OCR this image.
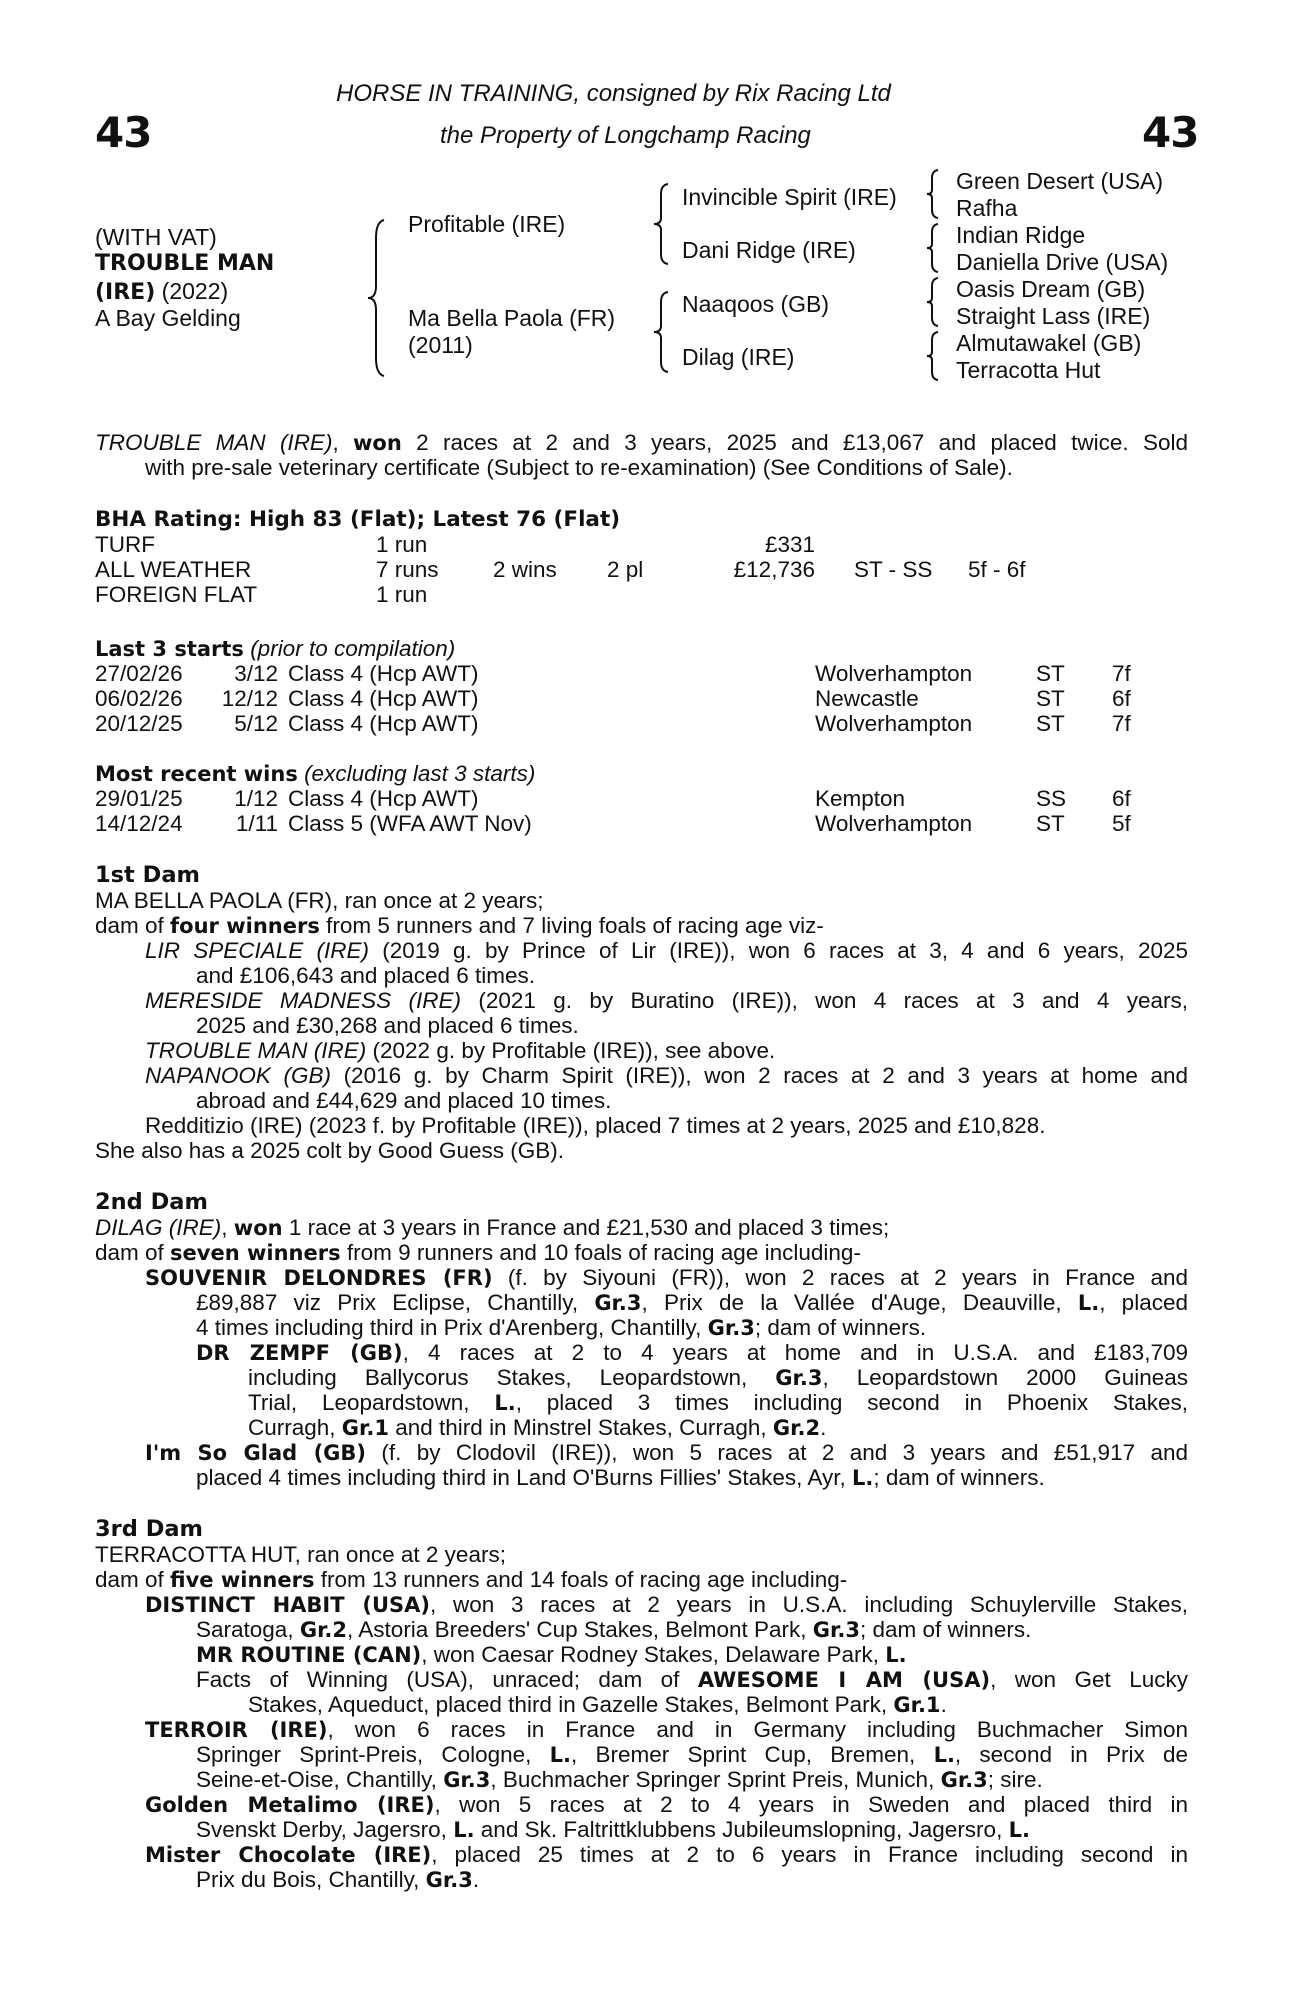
HORSE IN TRAINING, consigned by Rix Racing Ltd
the Property of Longchamp Racing
43	43
(WITH VAT)
TROUBLE MAN
(IRE) (2022)
A Bay Gelding
Profitable (IRE)
Ma Bella Paola (FR)
(2011)
Invincible Spirit (IRE)
Dani Ridge (IRE)
Naaqoos (GB)
Dilag (IRE)
Green Desert (USA)
Rafha
Indian Ridge
Daniella Drive (USA)
Oasis Dream (GB)
Straight Lass (IRE)
Almutawakel (GB)
Terracotta Hut
TROUBLE MAN (IRE), won 2 races at 2 and 3 years, 2025 and £13,067 and placed twice. Sold
with pre-sale veterinary certificate (Subject to re-examination) (See Conditions of Sale).
BHA Rating: High 83 (Flat); Latest 76 (Flat)
TURF	1 run	£331
ALL WEATHER	7 runs 2 wins 2 pl	£12,736 ST - SS 5f - 6f
FOREIGN FLAT	1 run
Last 3 starts (prior to compilation)
27/02/26 3/12 Class 4 (Hcp AWT)	Wolverhampton	ST 7f
06/02/26 12/12 Class 4 (Hcp AWT)	Newcastle	ST 6f
20/12/25 5/12 Class 4 (Hcp AWT)	Wolverhampton	ST 7f
Most recent wins (excluding last 3 starts)
29/01/25 1/12 Class 4 (Hcp AWT)	Kempton	SS 6f
14/12/24 1/11 Class 5 (WFA AWT Nov)	Wolverhampton	ST 5f
1st Dam
MA BELLA PAOLA (FR), ran once at 2 years;
dam of four winners from 5 runners and 7 living foals of racing age viz-
LIR SPECIALE (IRE) (2019 g. by Prince of Lir (IRE)), won 6 races at 3, 4 and 6 years, 2025
and £106,643 and placed 6 times.
MERESIDE MADNESS (IRE) (2021 g. by Buratino (IRE)), won 4 races at 3 and 4 years,
2025 and £30,268 and placed 6 times.
TROUBLE MAN (IRE) (2022 g. by Profitable (IRE)), see above.
NAPANOOK (GB) (2016 g. by Charm Spirit (IRE)), won 2 races at 2 and 3 years at home and
abroad and £44,629 and placed 10 times.
Redditizio (IRE) (2023 f. by Profitable (IRE)), placed 7 times at 2 years, 2025 and £10,828.
She also has a 2025 colt by Good Guess (GB).
2nd Dam
DILAG (IRE), won 1 race at 3 years in France and £21,530 and placed 3 times;
dam of seven winners from 9 runners and 10 foals of racing age including-
SOUVENIR DELONDRES (FR) (f. by Siyouni (FR)), won 2 races at 2 years in France and
£89,887 viz Prix Eclipse, Chantilly, Gr.3, Prix de la Vallée d'Auge, Deauville, L., placed
4 times including third in Prix d'Arenberg, Chantilly, Gr.3; dam of winners.
DR ZEMPF (GB), 4 races at 2 to 4 years at home and in U.S.A. and £183,709
including Ballycorus Stakes, Leopardstown, Gr.3, Leopardstown 2000 Guineas
Trial, Leopardstown, L., placed 3 times including second in Phoenix Stakes,
Curragh, Gr.1 and third in Minstrel Stakes, Curragh, Gr.2.
I'm So Glad (GB) (f. by Clodovil (IRE)), won 5 races at 2 and 3 years and £51,917 and
placed 4 times including third in Land O'Burns Fillies' Stakes, Ayr, L.; dam of winners.
3rd Dam
TERRACOTTA HUT, ran once at 2 years;
dam of five winners from 13 runners and 14 foals of racing age including-
DISTINCT HABIT (USA), won 3 races at 2 years in U.S.A. including Schuylerville Stakes,
Saratoga, Gr.2, Astoria Breeders' Cup Stakes, Belmont Park, Gr.3; dam of winners.
MR ROUTINE (CAN), won Caesar Rodney Stakes, Delaware Park, L.
Facts of Winning (USA), unraced; dam of AWESOME I AM (USA), won Get Lucky
Stakes, Aqueduct, placed third in Gazelle Stakes, Belmont Park, Gr.1.
TERROIR (IRE), won 6 races in France and in Germany including Buchmacher Simon
Springer Sprint-Preis, Cologne, L., Bremer Sprint Cup, Bremen, L., second in Prix de
Seine-et-Oise, Chantilly, Gr.3, Buchmacher Springer Sprint Preis, Munich, Gr.3; sire.
Golden Metalimo (IRE), won 5 races at 2 to 4 years in Sweden and placed third in
Svenskt Derby, Jagersro, L. and Sk. Faltrittklubbens Jubileumslopning, Jagersro, L.
Mister Chocolate (IRE), placed 25 times at 2 to 6 years in France including second in
Prix du Bois, Chantilly, Gr.3.
